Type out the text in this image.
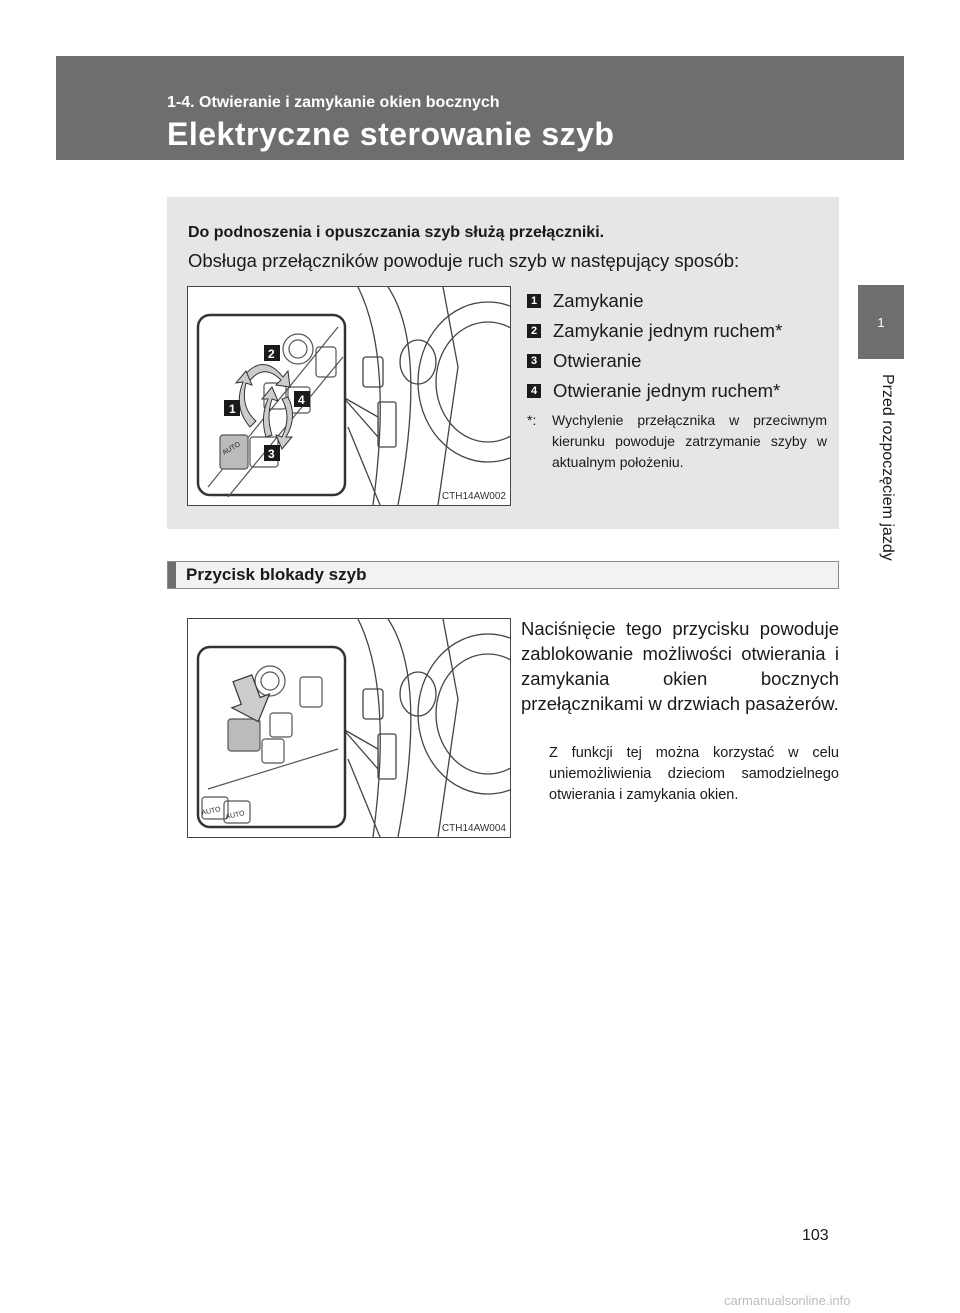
1-4. Otwieranie i zamykanie okien bocznych
Elektryczne sterowanie szyb
1
Przed rozpoczęciem jazdy
Do podnoszenia i opuszczania szyb służą przełączniki.
Obsługa przełączników powoduje ruch szyb w następujący sposób:
AUTO
1
2
3
4
CTH14AW002
1 Zamykanie
2 Zamykanie jednym ruchem*
3 Otwieranie
4 Otwieranie jednym ruchem*
*:	Wychylenie przełącznika w przeciwnym kierunku powoduje zatrzymanie szyby w aktualnym położeniu.
Przycisk blokady szyb
AUTO AUTO
CTH14AW004
Naciśnięcie tego przycisku powoduje zablokowanie możliwości otwierania i zamykania okien bocznych przełącznikami w drzwiach pasażerów.
Z funkcji tej można korzystać w celu uniemożliwienia dzieciom samodzielnego otwierania i zamykania okien.
103
carmanualsonline.info
